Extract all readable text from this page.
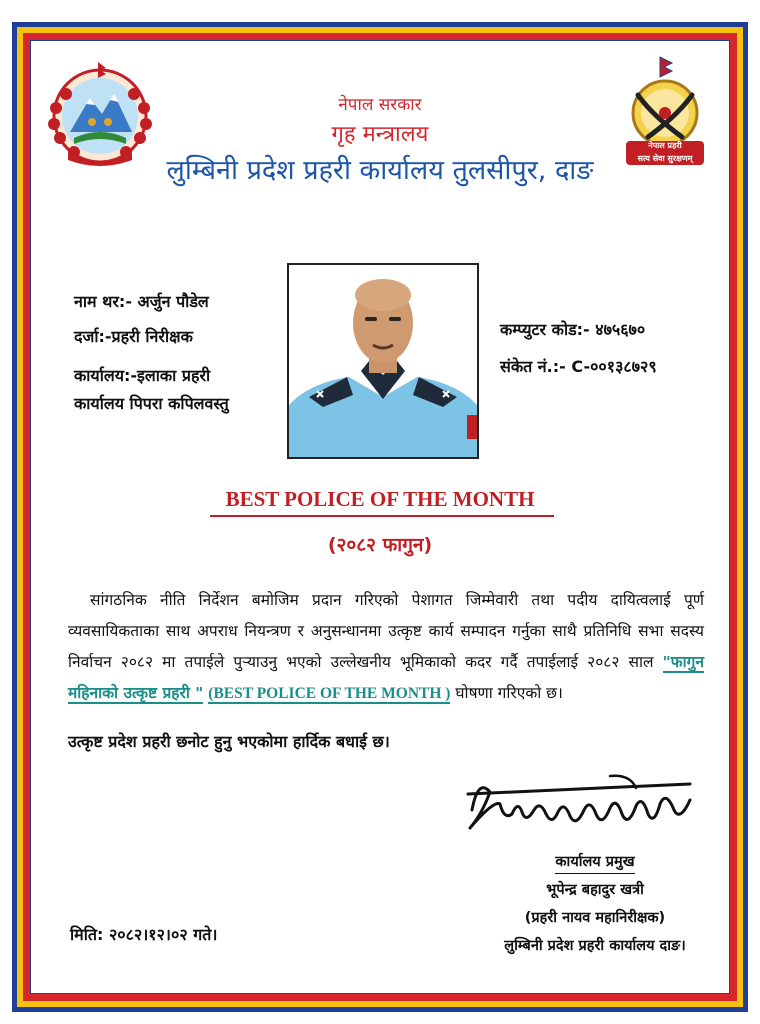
नेपाल प्रहरी
सत्य सेवा सुरक्षणम्
नेपाल सरकार
गृह मन्त्रालय
लुम्बिनी प्रदेश प्रहरी कार्यालय तुलसीपुर, दाङ
नाम थर:- अर्जुन पौडेल
दर्जा:-प्रहरी निरीक्षक
कार्यालय:-इलाका प्रहरी
कार्यालय पिपरा कपिलवस्तु
कम्प्युटर कोड:- ४७५६७०
संकेत नं.:- C-००१३८७२९
BEST POLICE OF THE MONTH
(२०८२ फागुन)
सांगठनिक नीति निर्देशन बमोजिम प्रदान गरिएको पेशागत जिम्मेवारी तथा पदीय दायित्वलाई पूर्ण व्यवसायिकताका साथ अपराध नियन्त्रण र अनुसन्धानमा उत्कृष्ट कार्य सम्पादन गर्नुका साथै प्रतिनिधि सभा सदस्य निर्वाचन २०८२ मा तपाईले पुऱ्याउनु भएको उल्लेखनीय भूमिकाको कदर गर्दै तपाईलाई २०८२ साल "फागुन महिनाको उत्कृष्ट प्रहरी " (BEST POLICE OF THE MONTH ) घोषणा गरिएको छ।
उत्कृष्ट प्रदेश प्रहरी छनोट हुनु भएकोमा हार्दिक बधाई छ।
कार्यालय प्रमुख
भूपेन्द्र बहादुर खत्री
(प्रहरी नायव महानिरीक्षक)
लुम्बिनी प्रदेश प्रहरी कार्यालय दाङ।
मिति: २०८२।१२।०२ गते।
